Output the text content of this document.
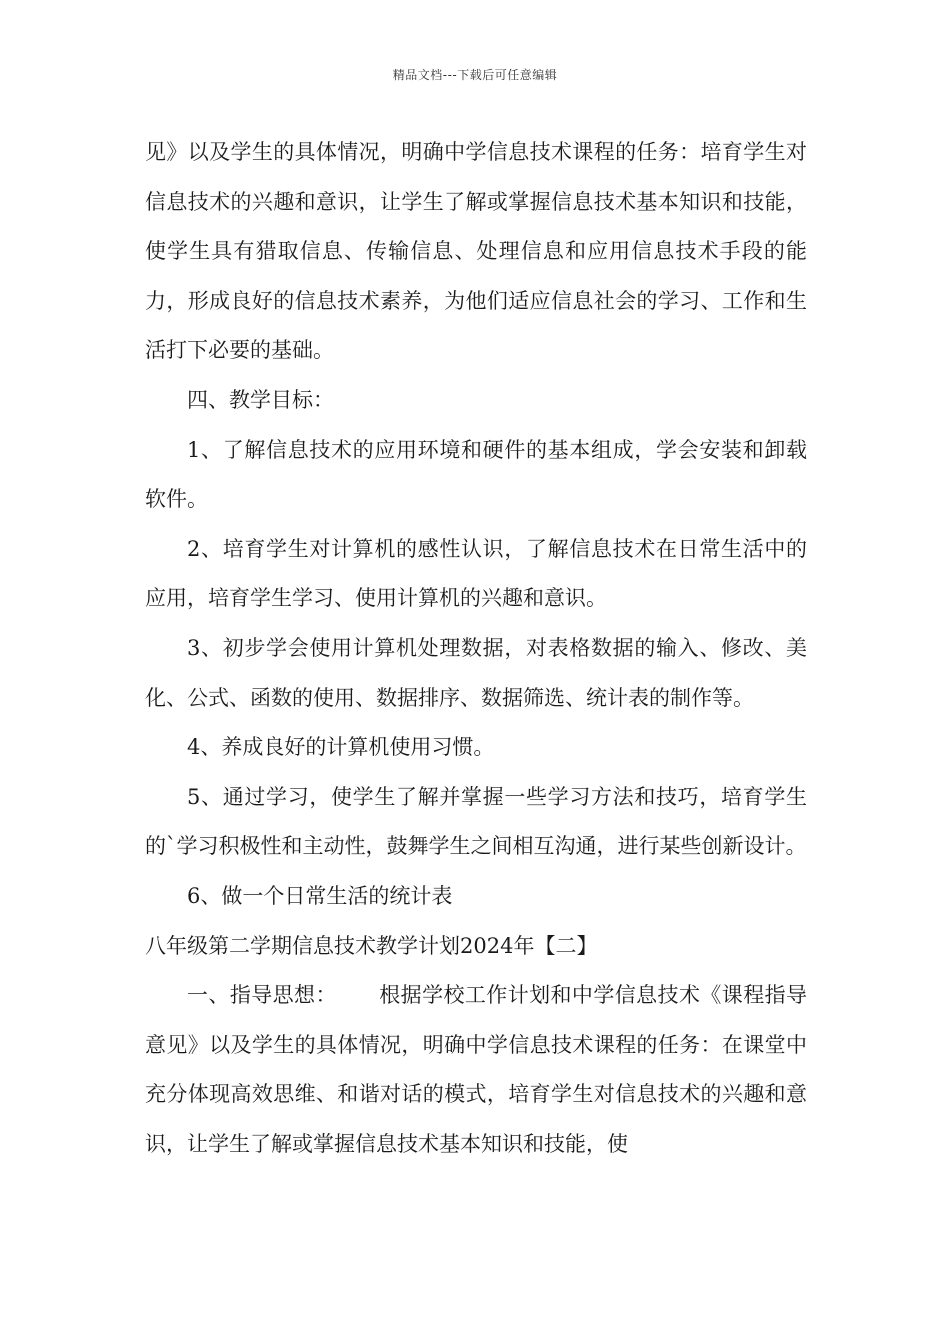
精品文档---下载后可任意编辑

见》以及学生的具体情况，明确中学信息技术课程的任务：培育学生对信息技术的兴趣和意识，让学生了解或掌握信息技术基本知识和技能，使学生具有猎取信息、传输信息、处理信息和应用信息技术手段的能力，形成良好的信息技术素养，为他们适应信息社会的学习、工作和生活打下必要的基础。

四、教学目标：

1、了解信息技术的应用环境和硬件的基本组成，学会安装和卸载软件。

2、培育学生对计算机的感性认识，了解信息技术在日常生活中的应用，培育学生学习、使用计算机的兴趣和意识。

3、初步学会使用计算机处理数据，对表格数据的输入、修改、美化、公式、函数的使用、数据排序、数据筛选、统计表的制作等。

4、养成良好的计算机使用习惯。

5、通过学习，使学生了解并掌握一些学习方法和技巧，培育学生的`学习积极性和主动性，鼓舞学生之间相互沟通，进行某些创新设计。

6、做一个日常生活的统计表

八年级第二学期信息技术教学计划2024年【二】

一、指导思想： 根据学校工作计划和中学信息技术《课程指导意见》以及学生的具体情况，明确中学信息技术课程的任务：在课堂中充分体现高效思维、和谐对话的模式，培育学生对信息技术的兴趣和意识，让学生了解或掌握信息技术基本知识和技能，使
